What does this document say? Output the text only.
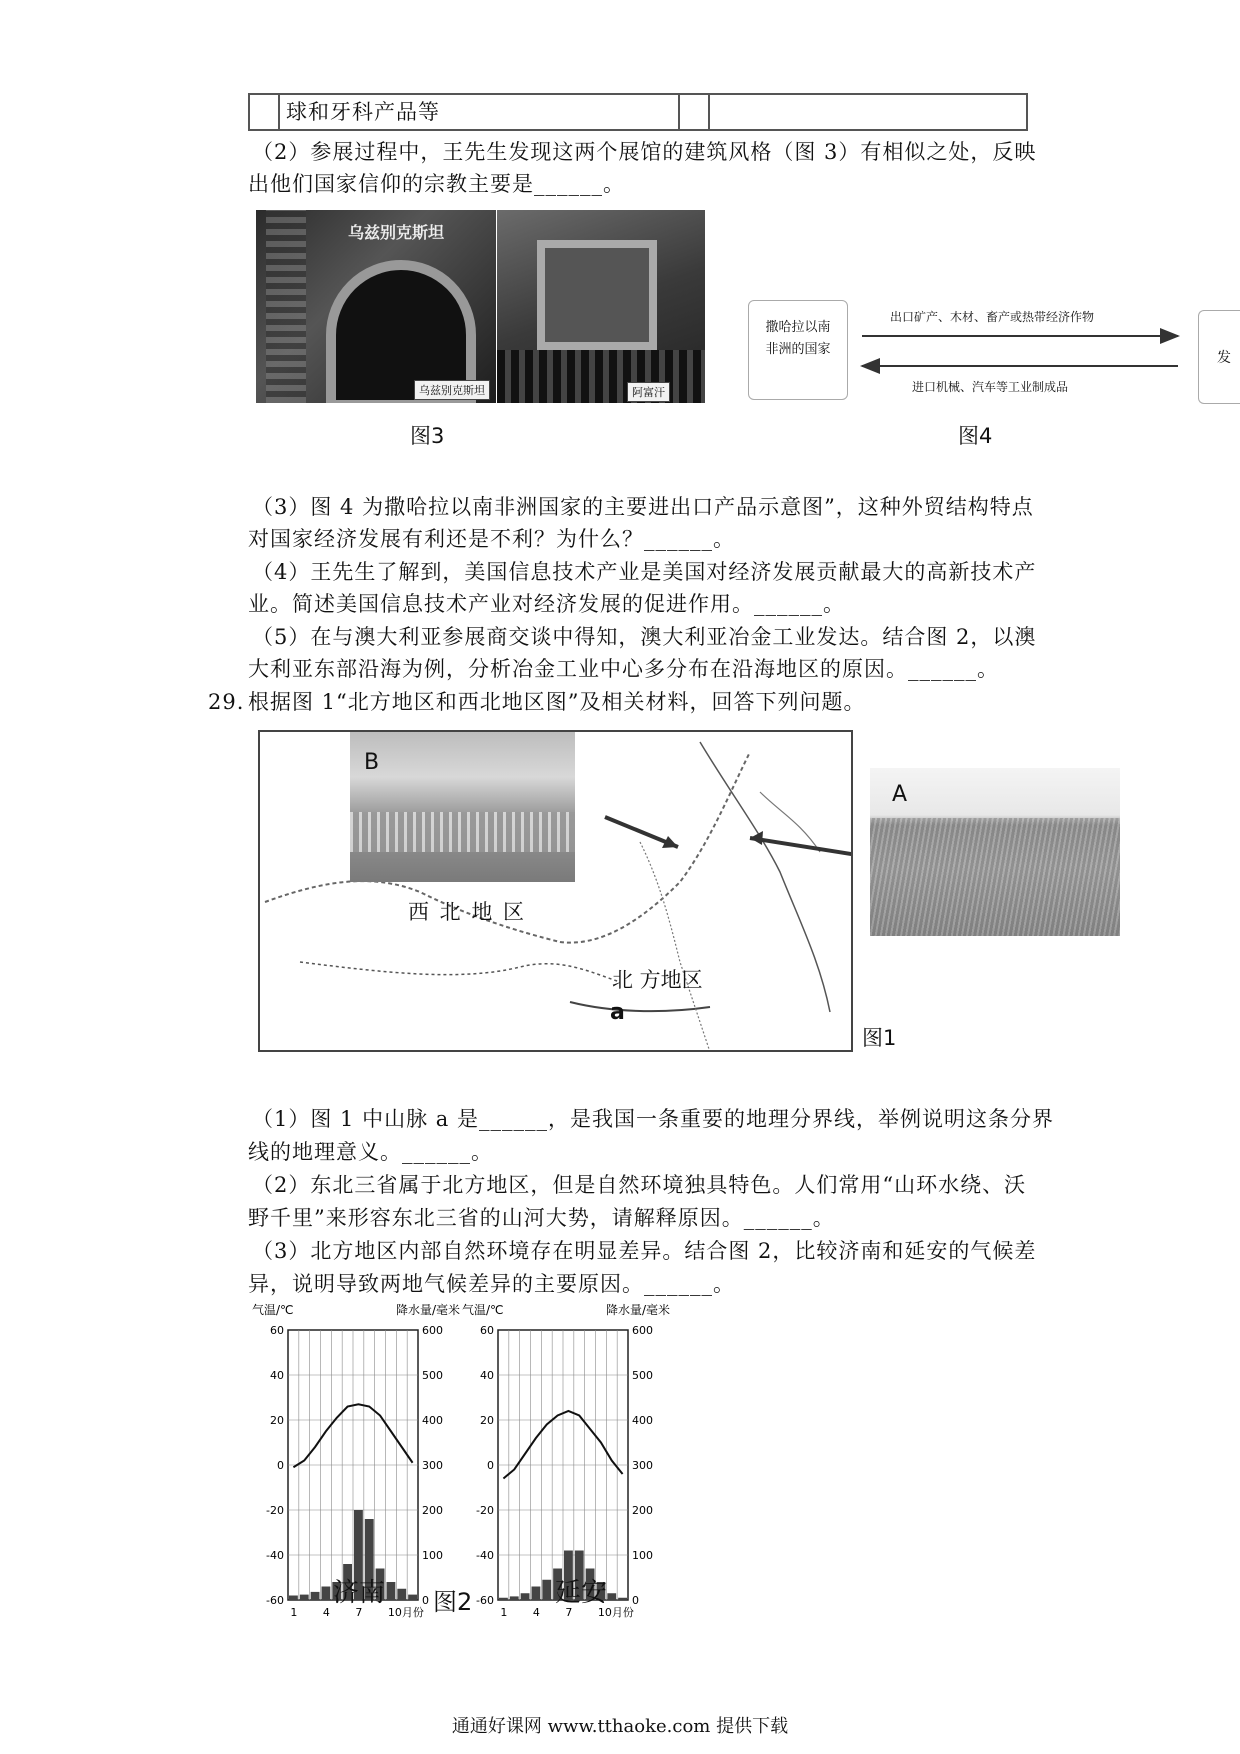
球和牙科产品等
（2）参展过程中，王先生发现这两个展馆的建筑风格（图 3）有相似之处，反映
出他们国家信仰的宗教主要是______。
乌兹别克斯坦
乌兹别克斯坦	阿富汗
图3
撒哈拉以南
非洲的国家
发
出口矿产、木材、畜产或热带经济作物
进口机械、汽车等工业制成品
图4
（3）图 4 为撒哈拉以南非洲国家的主要进出口产品示意图”，这种外贸结构特点
对国家经济发展有利还是不利？为什么？______。
（4）王先生了解到，美国信息技术产业是美国对经济发展贡献最大的高新技术产
业。简述美国信息技术产业对经济发展的促进作用。______。
（5）在与澳大利亚参展商交谈中得知，澳大利亚冶金工业发达。结合图 2，以澳
大利亚东部沿海为例，分析冶金工业中心多分布在沿海地区的原因。______。
29. 根据图 1“北方地区和西北地区图”及相关材料，回答下列问题。
B
西 北 地 区
北 方地区
a
A
图1
（1）图 1 中山脉 a 是______，是我国一条重要的地理分界线，举例说明这条分界
线的地理意义。______。
（2）东北三省属于北方地区，但是自然环境独具特色。人们常用“山环水绕、沃
野千里”来形容东北三省的山河大势，请解释原因。______。
（3）北方地区内部自然环境存在明显差异。结合图 2，比较济南和延安的气候差
异，说明导致两地气候差异的主要原因。______。
气温/℃	降水量/毫米
60
40
20
0
-20
-40
-60
600
500
400
300
200
100
0
1 4 7 10月份
气温/℃	降水量/毫米
60
40
20
0
-20
-40
-60
600
500
400
300
200
100
0
1 4 7 10月份
济南	延安
图2
通通好课网 www.tthaoke.com 提供下载
